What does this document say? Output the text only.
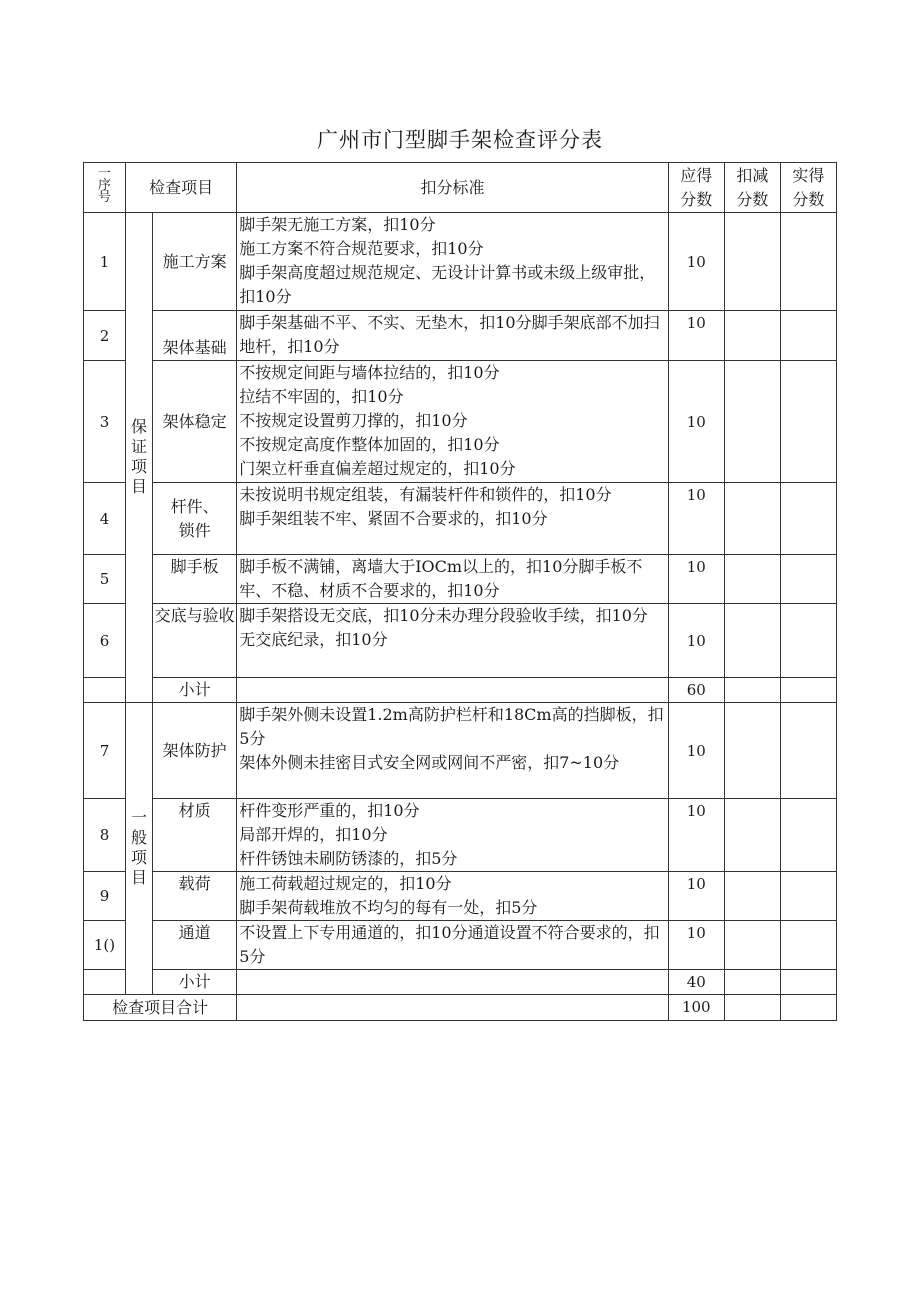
广州市门型脚手架检查评分表
一
序号	检查项目		扣分标准	应得分数	扣减分数	实得分数
1	保证项目	施工方案	脚手架无施工方案，扣10分
施工方案不符合规范要求，扣10分
脚手架高度超过规范规定、无设计计算书或未级上级审批，扣10分	10		
2		架体基础	脚手架基础不平、不实、无垫木，扣10分脚手架底部不加扫地杆，扣10分	10		
3		架体稳定	不按规定间距与墙体拉结的，扣10分
拉结不牢固的，扣10分
不按规定设置剪刀撑的，扣10分
不按规定高度作整体加固的，扣10分
门架立杆垂直偏差超过规定的，扣10分	10		
4		杆件、锁件	未按说明书规定组装，有漏装杆件和锁件的，扣10分
脚手架组装不牢、紧固不合要求的，扣10分	10		
5		脚手板	脚手板不满铺，离墙大于IOCm以上的，扣10分脚手板不牢、不稳、材质不合要求的，扣10分	10		
6		交底与验收	脚手架搭设无交底，扣10分未办理分段验收手续，扣10分
无交底纪录，扣10分	10		
		小计		60		
7	一般项目	架体防护	脚手架外侧未设置1.2m高防护栏杆和18Cm高的挡脚板，扣5分
架体外侧未挂密目式安全网或网间不严密，扣7~10分	10		
8		材质	杆件变形严重的，扣10分
局部开焊的，扣10分
杆件锈蚀未刷防锈漆的，扣5分	10		
9		载荷	施工荷载超过规定的，扣10分
脚手架荷载堆放不均匀的每有一处，扣5分	10		
1()		通道	不设置上下专用通道的，扣10分通道设置不符合要求的，扣5分	10		
		小计		40		
检查项目合计				100		
